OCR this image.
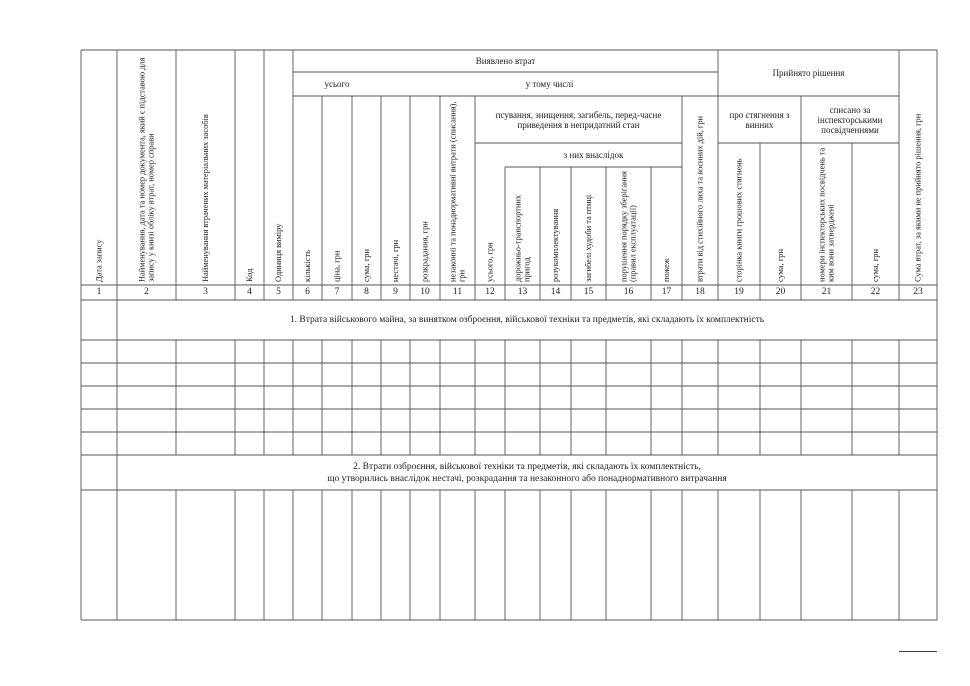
Виявлено втрат
Прийнято рішення
усього	у тому числі
псування, знищення, загибель, перед-часне приведення в непридатний стан
з них внаслідок
про стягнення з винних
списано за інспекторськими посвідченнями
Дата запису
1
Найменування, дата та номер документа, який є підставою для запису у книзі обліку втрат, номер справи
2
Найменування втрачених матеріальних засобів
3
Код
4
Одиниця виміру
5
кількість
6
ціна, грн
7
сума, грн
8
нестачі, грн
9
розкрадання, грн
10
незаконні та понаднормативні витрати (списання), грн
11
усього, грн
12
дорожньо-транспортних пригод
13
розукомплектування
14
загибелі худоби та птиці
15
порушення порядку зберігання (правил експлуатації)
16
пожеж
17
втрати від стихійного лиха та воєнних дій, грн
18
сторінка книги грошових стягнень
19
сума, грн
20
номери інспекторських посвідчень та ким вони затверджені
21
сума, грн
22
Сума втрат, за якими не прийнято рішення, грн
23
1. Втрата військового майна, за винятком озброєння, військової техніки та предметів, які складають їх комплектність
2. Втрати озброєння, військової техніки та предметів, які складають їх комплектність,
що утворились внаслідок нестачі, розкрадання та незаконного або понаднормативного витрачання
